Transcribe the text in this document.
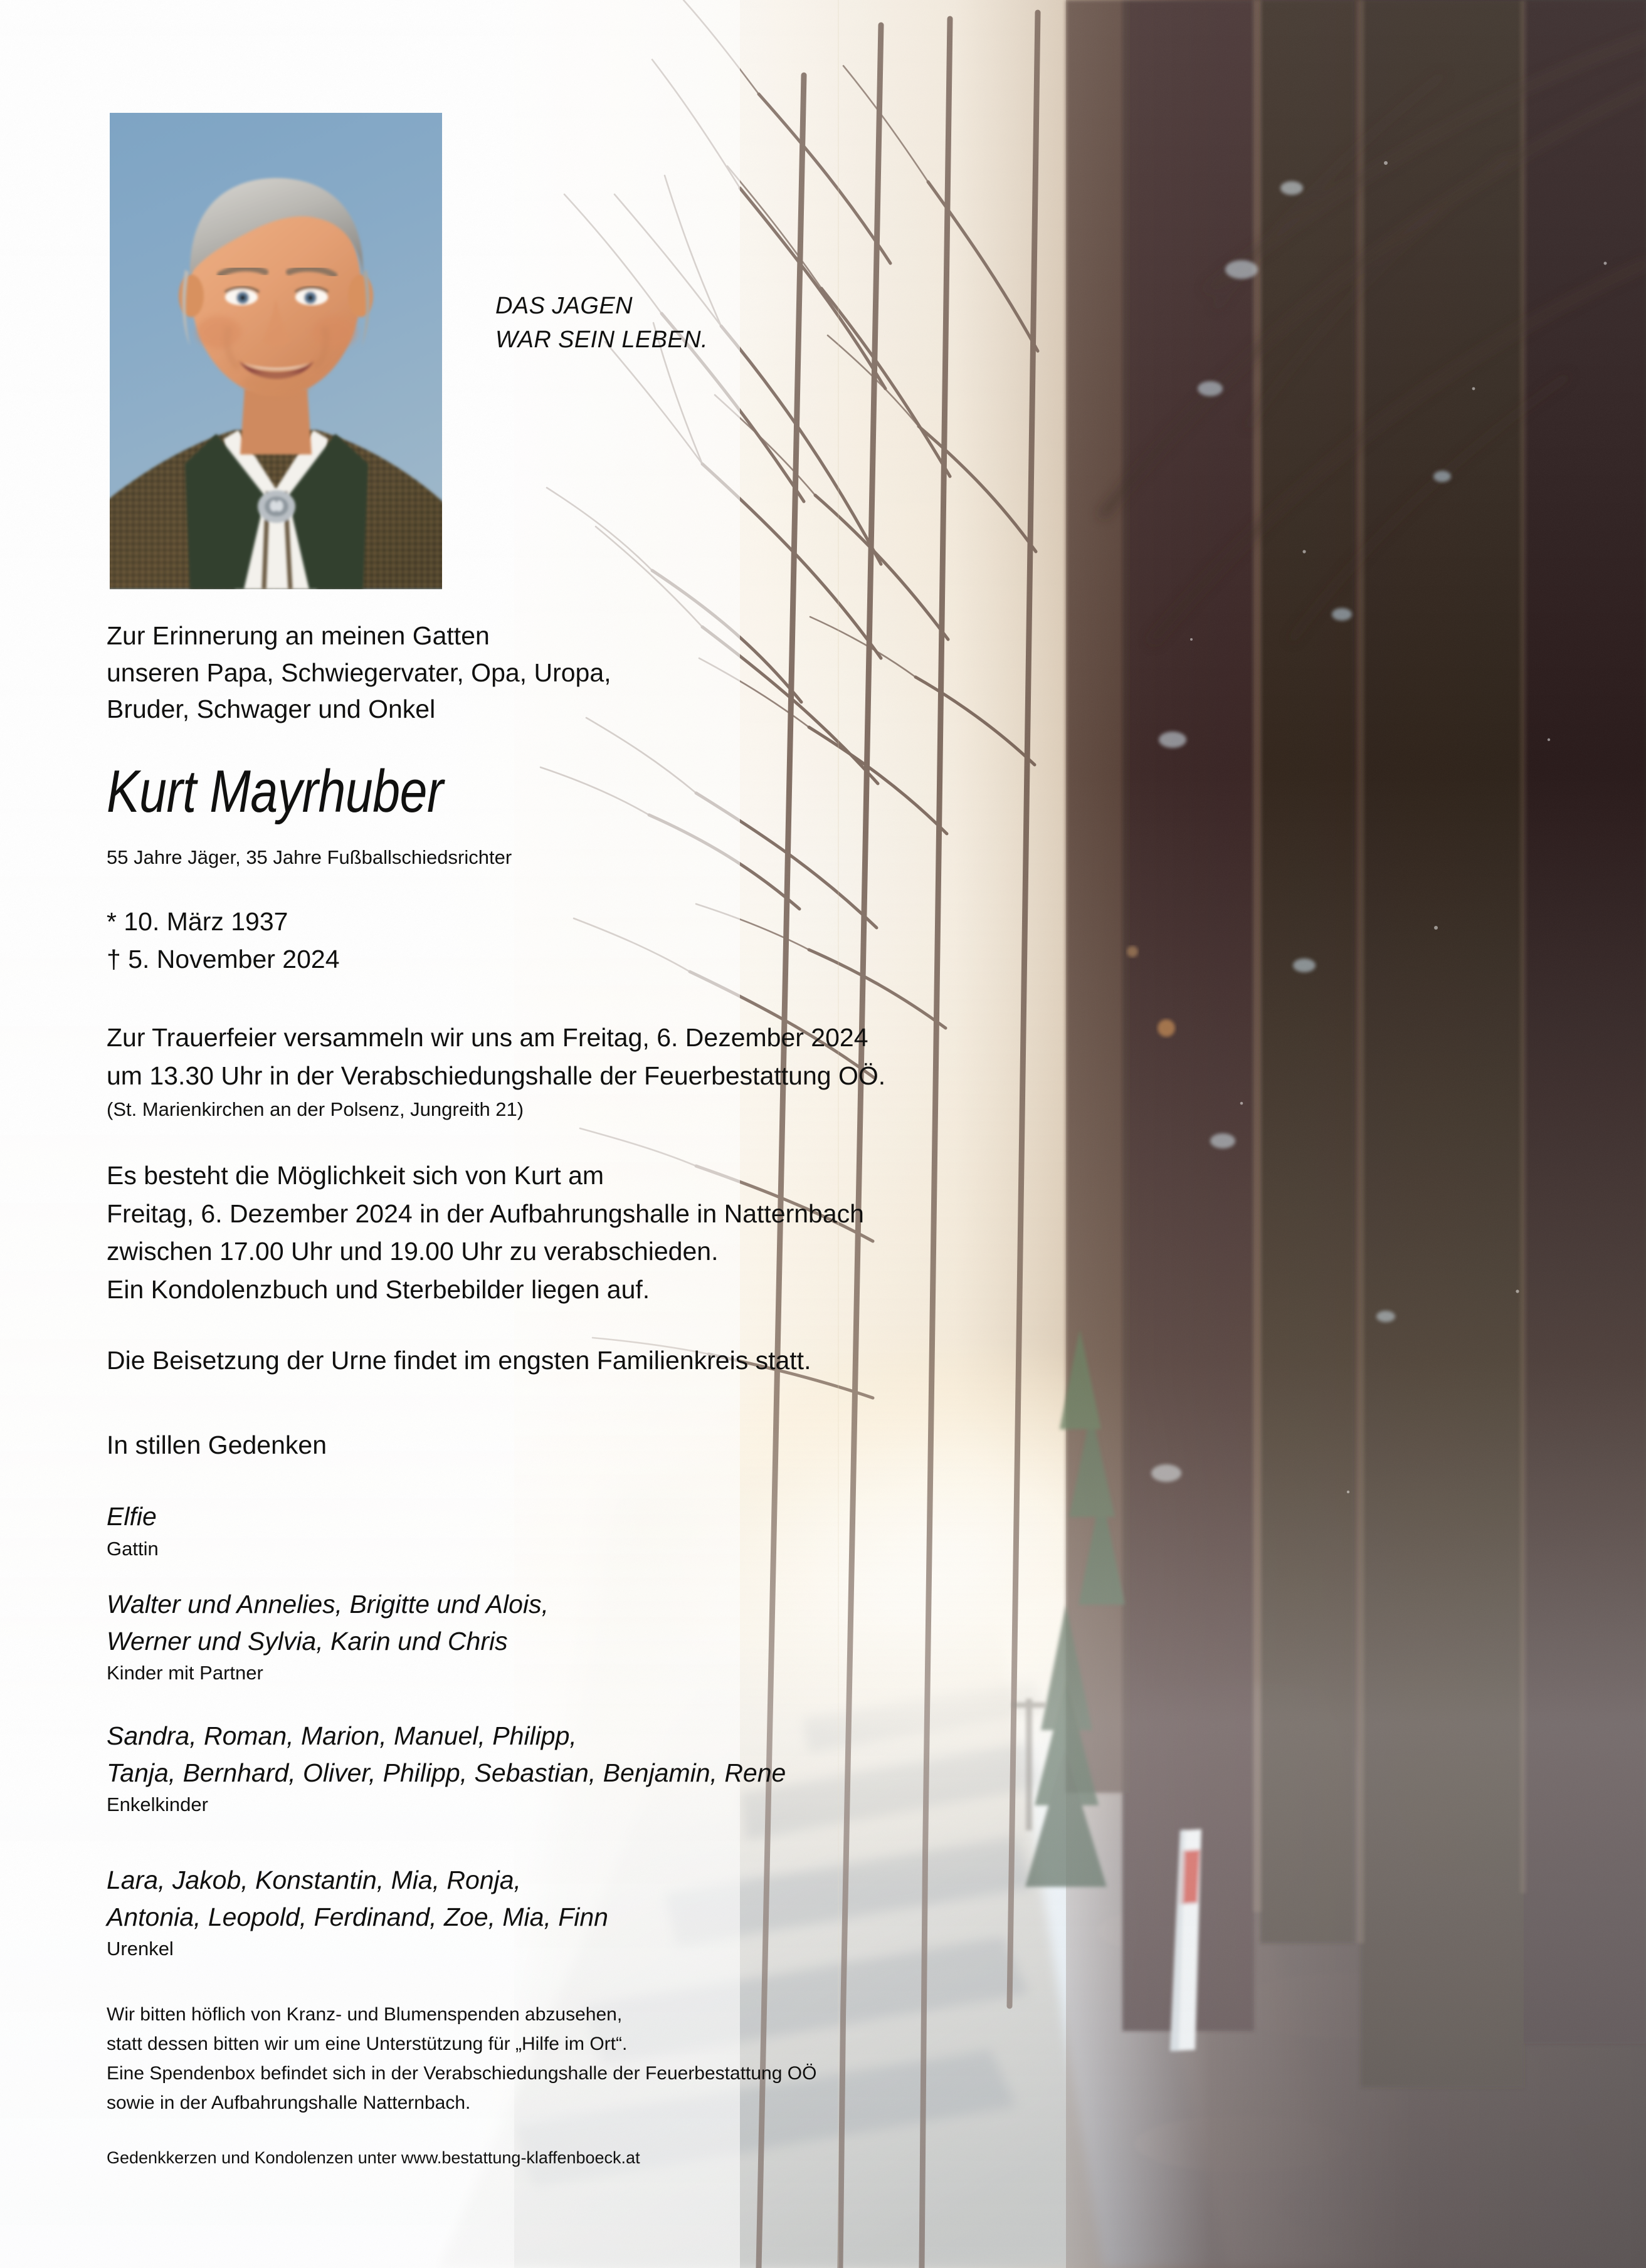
DAS JAGEN
WAR SEIN LEBEN.
Zur Erinnerung an meinen Gatten
unseren Papa, Schwiegervater, Opa, Uropa,
Bruder, Schwager und Onkel
Kurt Mayrhuber
55 Jahre Jäger, 35 Jahre Fußballschiedsrichter
* 10. März 1937
† 5. November 2024
Zur Trauerfeier versammeln wir uns am Freitag, 6. Dezember 2024
um 13.30 Uhr in der Verabschiedungshalle der Feuerbestattung OÖ.
(St. Marienkirchen an der Polsenz, Jungreith 21)
Es besteht die Möglichkeit sich von Kurt am
Freitag, 6. Dezember 2024 in der Aufbahrungshalle in Natternbach
zwischen 17.00 Uhr und 19.00 Uhr zu verabschieden.
Ein Kondolenzbuch und Sterbebilder liegen auf.
Die Beisetzung der Urne findet im engsten Familienkreis statt.
In stillen Gedenken
Elfie
Gattin
Walter und Annelies, Brigitte und Alois,
Werner und Sylvia, Karin und Chris
Kinder mit Partner
Sandra, Roman, Marion, Manuel, Philipp,
Tanja, Bernhard, Oliver, Philipp, Sebastian, Benjamin, Rene
Enkelkinder
Lara, Jakob, Konstantin, Mia, Ronja,
Antonia, Leopold, Ferdinand, Zoe, Mia, Finn
Urenkel
Wir bitten höflich von Kranz- und Blumenspenden abzusehen,
statt dessen bitten wir um eine Unterstützung für „Hilfe im Ort“.
Eine Spendenbox befindet sich in der Verabschiedungshalle der Feuerbestattung OÖ
sowie in der Aufbahrungshalle Natternbach.
Gedenkkerzen und Kondolenzen unter www.bestattung-klaffenboeck.at
